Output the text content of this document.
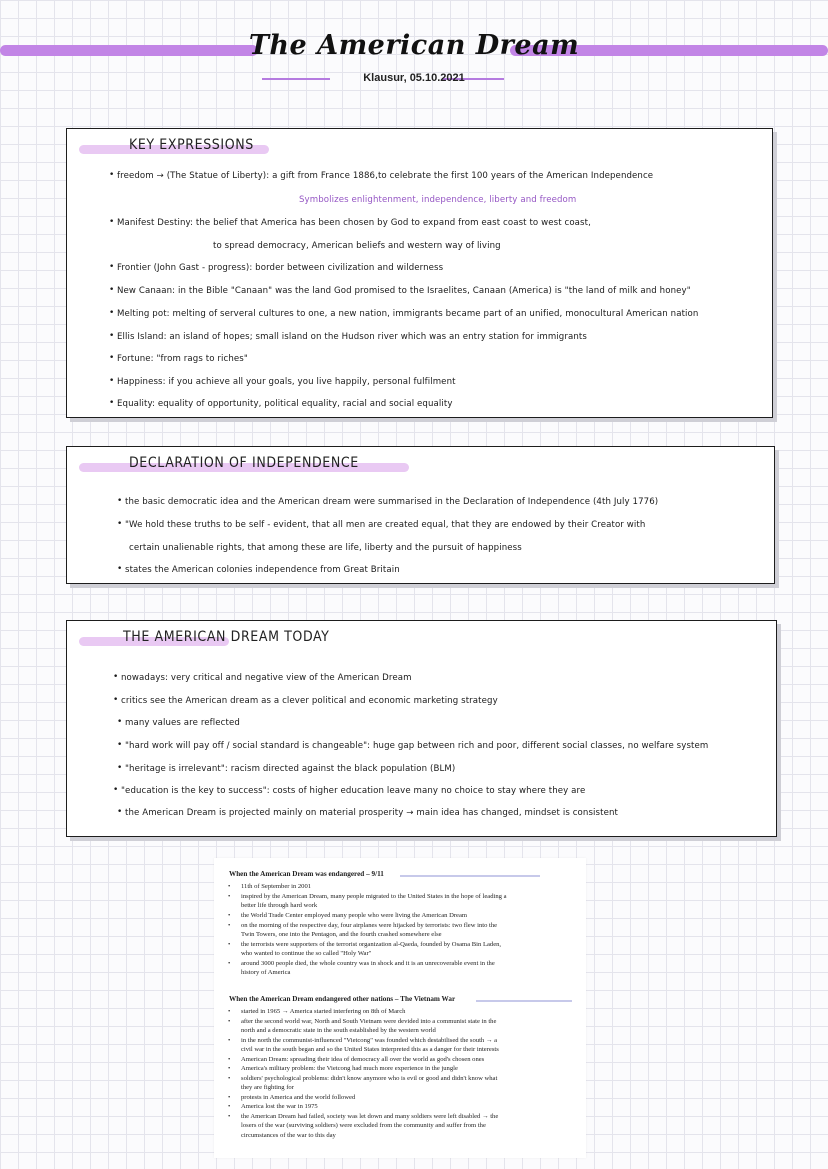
The American Dream
Klausur, 05.10.2021
KEY EXPRESSIONS
• freedom → (The Statue of Liberty): a gift from France 1886,to celebrate the first 100 years of the American Independence
Symbolizes enlightenment, independence, liberty and freedom
• Manifest Destiny: the belief that America has been chosen by God to expand from east coast to west coast,
to spread democracy, American beliefs and western way of living
• Frontier (John Gast - progress): border between civilization and wilderness
• New Canaan: in the Bible "Canaan" was the land God promised to the Israelites, Canaan (America) is "the land of milk and honey"
• Melting pot: melting of serveral cultures to one, a new nation, immigrants became part of an unified, monocultural American nation
• Ellis Island: an island of hopes; small island on the Hudson river which was an entry station for immigrants
• Fortune: "from rags to riches"
• Happiness: if you achieve all your goals, you live happily, personal fulfilment
• Equality: equality of opportunity, political equality, racial and social equality
DECLARATION OF INDEPENDENCE
• the basic democratic idea and the American dream were summarised in the Declaration of Independence (4th July 1776)
• "We hold these truths to be self - evident, that all men are created equal, that they are endowed by their Creator with
certain unalienable rights, that among these are life, liberty and the pursuit of happiness
• states the American colonies independence from Great Britain
THE AMERICAN DREAM TODAY
• nowadays: very critical and negative view of the American Dream
• critics see the American dream as a clever political and economic marketing strategy
• many values are reflected
• "hard work will pay off / social standard is changeable": huge gap between rich and poor, different social classes, no welfare system
• "heritage is irrelevant": racism directed against the black population (BLM)
• "education is the key to success": costs of higher education leave many no choice to stay where they are
• the American Dream is projected mainly on material prosperity → main idea has changed, mindset is consistent
When the American Dream was endangered – 9/11
• 11th of September in 2001
• inspired by the American Dream, many people migrated to the United States in the hope of leading a
better life through hard work
• the World Trade Center employed many people who were living the American Dream
• on the morning of the respective day, four airplanes were hijacked by terrorists: two flew into the
Twin Towers, one into the Pentagon, and the fourth crashed somewhere else
• the terrorists were supporters of the terrorist organization al-Qaeda, founded by Osama Bin Laden,
who wanted to continue the so called "Holy War"
• around 3000 people died, the whole country was in shock and it is an unrecoverable event in the
history of America
When the American Dream endangered other nations – The Vietnam War
• started in 1965 → America started interfering on 8th of March
• after the second world war, North and South Vietnam were devided into a communist state in the
north and a democratic state in the south established by the western world
• in the north the communist-influenced "Vietcong" was founded which destabilised the south → a
civil war in the south began and so the United States interpreted this as a danger for their interests
• American Dream: spreading their idea of democracy all over the world as god's chosen ones
• America's military problem: the Vietcong had much more experience in the jungle
• soldiers' psychological problems: didn't know anymore who is evil or good and didn't know what
they are fighting for
• protests in America and the world followed
• America lost the war in 1975
• the American Dream had failed, society was let down and many soldiers were left disabled → the
losers of the war (surviving soldiers) were excluded from the community and suffer from the
circumstances of the war to this day
